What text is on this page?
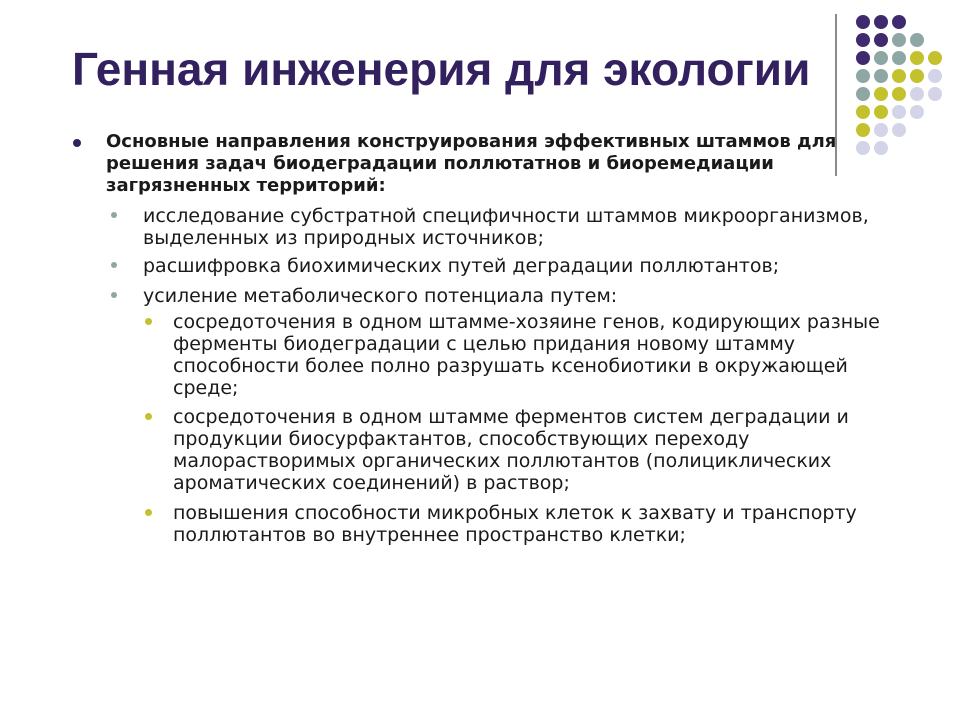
Генная инженерия для экологии

Основные направления конструирования эффективных штаммов для решения задач биодеградации поллютатнов и биоремедиации загрязненных территорий:

исследование субстратной специфичности штаммов микроорганизмов, выделенных из природных источников;

расшифровка биохимических путей деградации поллютантов;

усиление метаболического потенциала путем:

сосредоточения в одном штамме-хозяине генов, кодирующих разные ферменты биодеградации с целью придания новому штамму способности более полно разрушать ксенобиотики в окружающей среде;

сосредоточения в одном штамме ферментов систем деградации и продукции биосурфактантов, способствующих переходу малорастворимых органических поллютантов (полициклических ароматических соединений) в раствор;

повышения способности микробных клеток к захвату и транспорту поллютантов во внутреннее пространство клетки;
